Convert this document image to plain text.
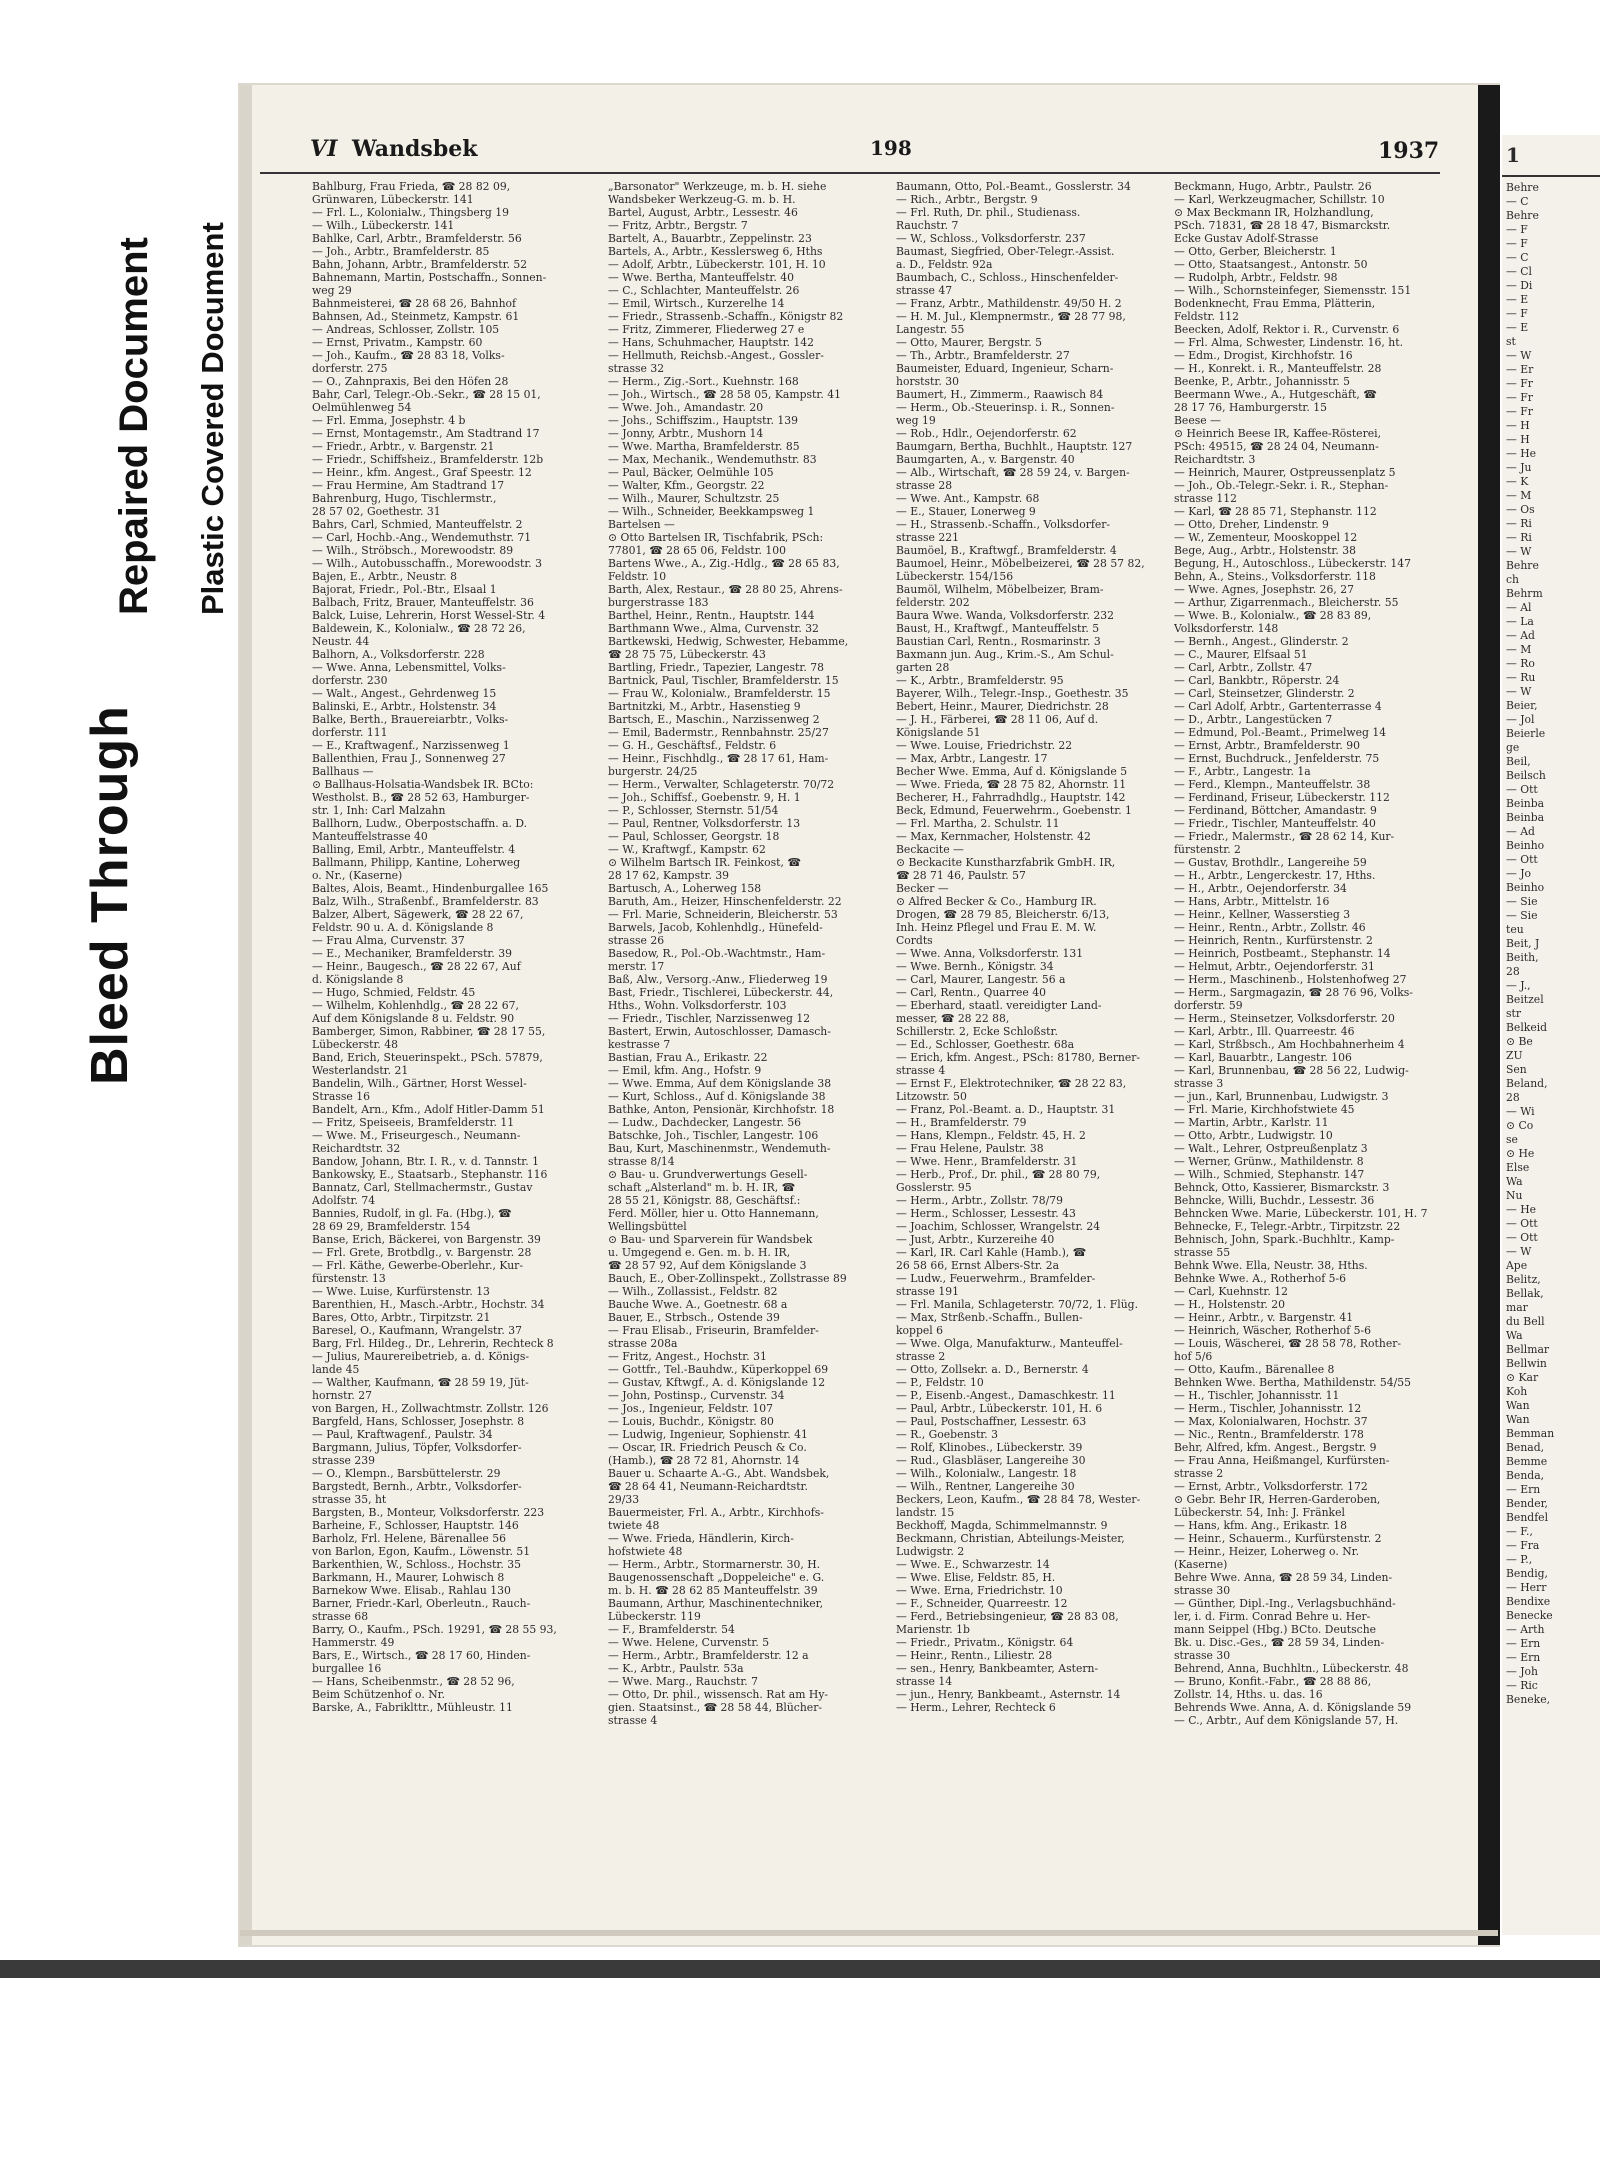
Bleed Through
Repaired Document Plastic Covered Document
VI Wandsbek	198	1937
Bahlburg, Frau Frieda, ☎ 28 82 09,
Grünwaren, Lübeckerstr. 141
— Frl. L., Kolonialw., Thingsberg 19
— Wilh., Lübeckerstr. 141
Bahlke, Carl, Arbtr., Bramfelderstr. 56
— Joh., Arbtr., Bramfelderstr. 85
Bahn, Johann, Arbtr., Bramfelderstr. 52
Bahnemann, Martin, Postschaffn., Sonnen-
weg 29
Bahnmeisterei, ☎ 28 68 26, Bahnhof
Bahnsen, Ad., Steinmetz, Kampstr. 61
— Andreas, Schlosser, Zollstr. 105
— Ernst, Privatm., Kampstr. 60
— Joh., Kaufm., ☎ 28 83 18, Volks-
dorferstr. 275
— O., Zahnpraxis, Bei den Höfen 28
Bahr, Carl, Telegr.-Ob.-Sekr., ☎ 28 15 01,
Oelmühlenweg 54
— Frl. Emma, Josephstr. 4 b
— Ernst, Montagemstr., Am Stadtrand 17
— Friedr., Arbtr., v. Bargenstr. 21
— Friedr., Schiffsheiz., Bramfelderstr. 12b
— Heinr., kfm. Angest., Graf Speestr. 12
— Frau Hermine, Am Stadtrand 17
Bahrenburg, Hugo, Tischlermstr.,
28 57 02, Goethestr. 31
Bahrs, Carl, Schmied, Manteuffelstr. 2
— Carl, Hochb.-Ang., Wendemuthstr. 71
— Wilh., Ströbsch., Morewoodstr. 89
— Wilh., Autobusschaffn., Morewoodstr. 3
Bajen, E., Arbtr., Neustr. 8
Bajorat, Friedr., Pol.-Btr., Elsaal 1
Balbach, Fritz, Brauer, Manteuffelstr. 36
Balck, Luise, Lehrerin, Horst Wessel-Str. 4
Baldewein, K., Kolonialw., ☎ 28 72 26,
Neustr. 44
Balhorn, A., Volksdorferstr. 228
— Wwe. Anna, Lebensmittel, Volks-
dorferstr. 230
— Walt., Angest., Gehrdenweg 15
Balinski, E., Arbtr., Holstenstr. 34
Balke, Berth., Brauereiarbtr., Volks-
dorferstr. 111
— E., Kraftwagenf., Narzissenweg 1
Ballenthien, Frau J., Sonnenweg 27
Ballhaus —
⊙ Ballhaus-Holsatia-Wandsbek IR. BCto:
Westholst. B., ☎ 28 52 63, Hamburger-
str. 1, Inh: Carl Malzahn
Ballhorn, Ludw., Oberpostschaffn. a. D.
Manteuffelstrasse 40
Balling, Emil, Arbtr., Manteuffelstr. 4
Ballmann, Philipp, Kantine, Loherweg
o. Nr., (Kaserne)
Baltes, Alois, Beamt., Hindenburgallee 165
Balz, Wilh., Straßenbf., Bramfelderstr. 83
Balzer, Albert, Sägewerk, ☎ 28 22 67,
Feldstr. 90 u. A. d. Königslande 8
— Frau Alma, Curvenstr. 37
— E., Mechaniker, Bramfelderstr. 39
— Heinr., Baugesch., ☎ 28 22 67, Auf
d. Königslande 8
— Hugo, Schmied, Feldstr. 45
— Wilhelm, Kohlenhdlg., ☎ 28 22 67,
Auf dem Königslande 8 u. Feldstr. 90
Bamberger, Simon, Rabbiner, ☎ 28 17 55,
Lübeckerstr. 48
Band, Erich, Steuerinspekt., PSch. 57879,
Westerlandstr. 21
Bandelin, Wilh., Gärtner, Horst Wessel-
Strasse 16
Bandelt, Arn., Kfm., Adolf Hitler-Damm 51
— Fritz, Speiseeis, Bramfelderstr. 11
— Wwe. M., Friseurgesch., Neumann-
Reichardtstr. 32
Bandow, Johann, Btr. I. R., v. d. Tannstr. 1
Bankowsky, E., Staatsarb., Stephanstr. 116
Bannatz, Carl, Stellmachermstr., Gustav
Adolfstr. 74
Bannies, Rudolf, in gl. Fa. (Hbg.), ☎
28 69 29, Bramfelderstr. 154
Banse, Erich, Bäckerei, von Bargenstr. 39
— Frl. Grete, Brotbdlg., v. Bargenstr. 28
— Frl. Käthe, Gewerbe-Oberlehr., Kur-
fürstenstr. 13
— Wwe. Luise, Kurfürstenstr. 13
Barenthien, H., Masch.-Arbtr., Hochstr. 34
Bares, Otto, Arbtr., Tirpitzstr. 21
Baresel, O., Kaufmann, Wrangelstr. 37
Barg, Frl. Hildeg., Dr., Lehrerin, Rechteck 8
— Julius, Maurereibetrieb, a. d. Königs-
lande 45
— Walther, Kaufmann, ☎ 28 59 19, Jüt-
hornstr. 27
von Bargen, H., Zollwachtmstr. Zollstr. 126
Bargfeld, Hans, Schlosser, Josephstr. 8
— Paul, Kraftwagenf., Paulstr. 34
Bargmann, Julius, Töpfer, Volksdorfer-
strasse 239
— O., Klempn., Barsbüttelerstr. 29
Bargstedt, Bernh., Arbtr., Volksdorfer-
strasse 35, ht
Bargsten, B., Monteur, Volksdorferstr. 223
Barheine, F., Schlosser, Hauptstr. 146
Barholz, Frl. Helene, Bärenallee 56
von Barlon, Egon, Kaufm., Löwenstr. 51
Barkenthien, W., Schloss., Hochstr. 35
Barkmann, H., Maurer, Lohwisch 8
Barnekow Wwe. Elisab., Rahlau 130
Barner, Friedr.-Karl, Oberleutn., Rauch-
strasse 68
Barry, O., Kaufm., PSch. 19291, ☎ 28 55 93,
Hammerstr. 49
Bars, E., Wirtsch., ☎ 28 17 60, Hinden-
burgallee 16
— Hans, Scheibenmstr., ☎ 28 52 96,
Beim Schützenhof o. Nr.
Barske, A., Fabriklttr., Mühleustr. 11
„Barsonator" Werkzeuge, m. b. H. siehe
Wandsbeker Werkzeug-G. m. b. H.
Bartel, August, Arbtr., Lessestr. 46
— Fritz, Arbtr., Bergstr. 7
Bartelt, A., Bauarbtr., Zeppelinstr. 23
Bartels, A., Arbtr., Kesslersweg 6, Hths
— Adolf, Arbtr., Lübeckerstr. 101, H. 10
— Wwe. Bertha, Manteuffelstr. 40
— C., Schlachter, Manteuffelstr. 26
— Emil, Wirtsch., Kurzerelhe 14
— Friedr., Strassenb.-Schaffn., Königstr 82
— Fritz, Zimmerer, Fliederweg 27 e
— Hans, Schuhmacher, Hauptstr. 142
— Hellmuth, Reichsb.-Angest., Gossler-
strasse 32
— Herm., Zig.-Sort., Kuehnstr. 168
— Joh., Wirtsch., ☎ 28 58 05, Kampstr. 41
— Wwe. Joh., Amandastr. 20
— Johs., Schiffszim., Hauptstr. 139
— Jonny, Arbtr., Mushorn 14
— Wwe. Martha, Bramfelderstr. 85
— Max, Mechanik., Wendemuthstr. 83
— Paul, Bäcker, Oelmühle 105
— Walter, Kfm., Georgstr. 22
— Wilh., Maurer, Schultzstr. 25
— Wilh., Schneider, Beekkampsweg 1
Bartelsen —
⊙ Otto Bartelsen IR, Tischfabrik, PSch:
77801, ☎ 28 65 06, Feldstr. 100
Bartens Wwe., A., Zig.-Hdlg., ☎ 28 65 83,
Feldstr. 10
Barth, Alex, Restaur., ☎ 28 80 25, Ahrens-
burgerstrasse 183
Barthel, Heinr., Rentn., Hauptstr. 144
Barthmann Wwe., Alma, Curvenstr. 32
Bartkewski, Hedwig, Schwester, Hebamme,
☎ 28 75 75, Lübeckerstr. 43
Bartling, Friedr., Tapezier, Langestr. 78
Bartnick, Paul, Tischler, Bramfelderstr. 15
— Frau W., Kolonialw., Bramfelderstr. 15
Bartnitzki, M., Arbtr., Hasenstieg 9
Bartsch, E., Maschin., Narzissenweg 2
— Emil, Badermstr., Rennbahnstr. 25/27
— G. H., Geschäftsf., Feldstr. 6
— Heinr., Fischhdlg., ☎ 28 17 61, Ham-
burgerstr. 24/25
— Herm., Verwalter, Schlageterstr. 70/72
— Joh., Schiffsf., Goebenstr. 9, H. 1
— P., Schlosser, Sternstr. 51/54
— Paul, Rentner, Volksdorferstr. 13
— Paul, Schlosser, Georgstr. 18
— W., Kraftwgf., Kampstr. 62
⊙ Wilhelm Bartsch IR. Feinkost, ☎
28 17 62, Kampstr. 39
Bartusch, A., Loherweg 158
Baruth, Am., Heizer, Hinschenfelderstr. 22
— Frl. Marie, Schneiderin, Bleicherstr. 53
Barwels, Jacob, Kohlenhdlg., Hünefeld-
strasse 26
Basedow, R., Pol.-Ob.-Wachtmstr., Ham-
merstr. 17
Baß, Alw., Versorg.-Anw., Fliederweg 19
Bast, Friedr., Tischlerei, Lübeckerstr. 44,
Hths., Wohn. Volksdorferstr. 103
— Friedr., Tischler, Narzissenweg 12
Bastert, Erwin, Autoschlosser, Damasch-
kestrasse 7
Bastian, Frau A., Erikastr. 22
— Emil, kfm. Ang., Hofstr. 9
— Wwe. Emma, Auf dem Königslande 38
— Kurt, Schloss., Auf d. Königslande 38
Bathke, Anton, Pensionär, Kirchhofstr. 18
— Ludw., Dachdecker, Langestr. 56
Batschke, Joh., Tischler, Langestr. 106
Bau, Kurt, Maschinenmstr., Wendemuth-
strasse 8/14
⊙ Bau- u. Grundverwertungs Gesell-
schaft „Alsterland" m. b. H. IR, ☎
28 55 21, Königstr. 88, Geschäftsf.:
Ferd. Möller, hier u. Otto Hannemann,
Wellingsbüttel
⊙ Bau- und Sparverein für Wandsbek
u. Umgegend e. Gen. m. b. H. IR,
☎ 28 57 92, Auf dem Königslande 3
Bauch, E., Ober-Zollinspekt., Zollstrasse 89
— Wilh., Zollassist., Feldstr. 82
Bauche Wwe. A., Goetnestr. 68 a
Bauer, E., Strbsch., Ostende 39
— Frau Elisab., Friseurin, Bramfelder-
strasse 208a
— Fritz, Angest., Hochstr. 31
— Gottfr., Tel.-Bauhdw., Küperkoppel 69
— Gustav, Kftwgf., A. d. Königslande 12
— John, Postinsp., Curvenstr. 34
— Jos., Ingenieur, Feldstr. 107
— Louis, Buchdr., Königstr. 80
— Ludwig, Ingenieur, Sophienstr. 41
— Oscar, IR. Friedrich Peusch & Co.
(Hamb.), ☎ 28 72 81, Ahornstr. 14
Bauer u. Schaarte A.-G., Abt. Wandsbek,
☎ 28 64 41, Neumann-Reichardtstr.
29/33
Bauermeister, Frl. A., Arbtr., Kirchhofs-
twiete 48
— Wwe. Frieda, Händlerin, Kirch-
hofstwiete 48
— Herm., Arbtr., Stormarnerstr. 30, H.
Baugenossenschaft „Doppeleiche" e. G.
m. b. H. ☎ 28 62 85 Manteuffelstr. 39
Baumann, Arthur, Maschinentechniker,
Lübeckerstr. 119
— F., Bramfelderstr. 54
— Wwe. Helene, Curvenstr. 5
— Herm., Arbtr., Bramfelderstr. 12 a
— K., Arbtr., Paulstr. 53a
— Wwe. Marg., Rauchstr. 7
— Otto, Dr. phil., wissensch. Rat am Hy-
gien. Staatsinst., ☎ 28 58 44, Blücher-
strasse 4
Baumann, Otto, Pol.-Beamt., Gosslerstr. 34
— Rich., Arbtr., Bergstr. 9
— Frl. Ruth, Dr. phil., Studienass.
Rauchstr. 7
— W., Schloss., Volksdorferstr. 237
Baumast, Siegfried, Ober-Telegr.-Assist.
a. D., Feldstr. 92a
Baumbach, C., Schloss., Hinschenfelder-
strasse 47
— Franz, Arbtr., Mathildenstr. 49/50 H. 2
— H. M. Jul., Klempnermstr., ☎ 28 77 98,
Langestr. 55
— Otto, Maurer, Bergstr. 5
— Th., Arbtr., Bramfelderstr. 27
Baumeister, Eduard, Ingenieur, Scharn-
horststr. 30
Baumert, H., Zimmerm., Raawisch 84
— Herm., Ob.-Steuerinsp. i. R., Sonnen-
weg 19
— Rob., Hdlr., Oejendorferstr. 62
Baumgarn, Bertha, Buchhlt., Hauptstr. 127
Baumgarten, A., v. Bargenstr. 40
— Alb., Wirtschaft, ☎ 28 59 24, v. Bargen-
strasse 28
— Wwe. Ant., Kampstr. 68
— E., Stauer, Lonerweg 9
— H., Strassenb.-Schaffn., Volksdorfer-
strasse 221
Baumöel, B., Kraftwgf., Bramfelderstr. 4
Baumoel, Heinr., Möbelbeizerei, ☎ 28 57 82,
Lübeckerstr. 154/156
Baumöl, Wilhelm, Möbelbeizer, Bram-
felderstr. 202
Baura Wwe. Wanda, Volksdorferstr. 232
Baust, H., Kraftwgf., Manteuffelstr. 5
Baustian Carl, Rentn., Rosmarinstr. 3
Baxmann jun. Aug., Krim.-S., Am Schul-
garten 28
— K., Arbtr., Bramfelderstr. 95
Bayerer, Wilh., Telegr.-Insp., Goethestr. 35
Bebert, Heinr., Maurer, Diedrichstr. 28
— J. H., Färberei, ☎ 28 11 06, Auf d.
Königslande 51
— Wwe. Louise, Friedrichstr. 22
— Max, Arbtr., Langestr. 17
Becher Wwe. Emma, Auf d. Königslande 5
— Wwe. Frieda, ☎ 28 75 82, Ahornstr. 11
Becherer, H., Fahrradhdlg., Hauptstr. 142
Beck, Edmund, Feuerwehrm., Goebenstr. 1
— Frl. Martha, 2. Schulstr. 11
— Max, Kernmacher, Holstenstr. 42
Beckacite —
⊙ Beckacite Kunstharzfabrik GmbH. IR,
☎ 28 71 46, Paulstr. 57
Becker —
⊙ Alfred Becker & Co., Hamburg IR.
Drogen, ☎ 28 79 85, Bleicherstr. 6/13,
Inh. Heinz Pflegel und Frau E. M. W.
Cordts
— Wwe. Anna, Volksdorferstr. 131
— Wwe. Bernh., Königstr. 34
— Carl, Maurer, Langestr. 56 a
— Carl, Rentn., Quarree 40
— Eberhard, staatl. vereidigter Land-
messer, ☎ 28 22 88,
Schillerstr. 2, Ecke Schloßstr.
— Ed., Schlosser, Goethestr. 68a
— Erich, kfm. Angest., PSch: 81780, Berner-
strasse 4
— Ernst F., Elektrotechniker, ☎ 28 22 83,
Litzowstr. 50
— Franz, Pol.-Beamt. a. D., Hauptstr. 31
— H., Bramfelderstr. 79
— Hans, Klempn., Feldstr. 45, H. 2
— Frau Helene, Paulstr. 38
— Wwe. Henr., Bramfelderstr. 31
— Herb., Prof., Dr. phil., ☎ 28 80 79,
Gosslerstr. 95
— Herm., Arbtr., Zollstr. 78/79
— Herm., Schlosser, Lessestr. 43
— Joachim, Schlosser, Wrangelstr. 24
— Just, Arbtr., Kurzereihe 40
— Karl, IR. Carl Kahle (Hamb.), ☎
26 58 66, Ernst Albers-Str. 2a
— Ludw., Feuerwehrm., Bramfelder-
strasse 191
— Frl. Manila, Schlageterstr. 70/72, 1. Flüg.
— Max, Strßenb.-Schaffn., Bullen-
koppel 6
— Wwe. Olga, Manufakturw., Manteuffel-
strasse 2
— Otto, Zollsekr. a. D., Bernerstr. 4
— P., Feldstr. 10
— P., Eisenb.-Angest., Damaschkestr. 11
— Paul, Arbtr., Lübeckerstr. 101, H. 6
— Paul, Postschaffner, Lessestr. 63
— R., Goebenstr. 3
— Rolf, Klinobes., Lübeckerstr. 39
— Rud., Glasbläser, Langereihe 30
— Wilh., Kolonialw., Langestr. 18
— Wilh., Rentner, Langereihe 30
Beckers, Leon, Kaufm., ☎ 28 84 78, Wester-
landstr. 15
Beckhoff, Magda, Schimmelmannstr. 9
Beckmann, Christian, Abteilungs-Meister,
Ludwigstr. 2
— Wwe. E., Schwarzestr. 14
— Wwe. Elise, Feldstr. 85, H.
— Wwe. Erna, Friedrichstr. 10
— F., Schneider, Quarreestr. 12
— Ferd., Betriebsingenieur, ☎ 28 83 08,
Marienstr. 1b
— Friedr., Privatm., Königstr. 64
— Heinr., Rentn., Liliestr. 28
— sen., Henry, Bankbeamter, Astern-
strasse 14
— jun., Henry, Bankbeamt., Asternstr. 14
— Herm., Lehrer, Rechteck 6
Beckmann, Hugo, Arbtr., Paulstr. 26
— Karl, Werkzeugmacher, Schillstr. 10
⊙ Max Beckmann IR, Holzhandlung,
PSch. 71831, ☎ 28 18 47, Bismarckstr.
Ecke Gustav Adolf-Strasse
— Otto, Gerber, Bleicherstr. 1
— Otto, Staatsangest., Antonstr. 50
— Rudolph, Arbtr., Feldstr. 98
— Wilh., Schornsteinfeger, Siemensstr. 151
Bodenknecht, Frau Emma, Plätterin,
Feldstr. 112
Beecken, Adolf, Rektor i. R., Curvenstr. 6
— Frl. Alma, Schwester, Lindenstr. 16, ht.
— Edm., Drogist, Kirchhofstr. 16
— H., Konrekt. i. R., Manteuffelstr. 28
Beenke, P., Arbtr., Johannisstr. 5
Beermann Wwe., A., Hutgeschäft, ☎
28 17 76, Hamburgerstr. 15
Beese —
⊙ Heinrich Beese IR, Kaffee-Rösterei,
PSch: 49515, ☎ 28 24 04, Neumann-
Reichardtstr. 3
— Heinrich, Maurer, Ostpreussenplatz 5
— Joh., Ob.-Telegr.-Sekr. i. R., Stephan-
strasse 112
— Karl, ☎ 28 85 71, Stephanstr. 112
— Otto, Dreher, Lindenstr. 9
— W., Zementeur, Mooskoppel 12
Bege, Aug., Arbtr., Holstenstr. 38
Begung, H., Autoschloss., Lübeckerstr. 147
Behn, A., Steins., Volksdorferstr. 118
— Wwe. Agnes, Josephstr. 26, 27
— Arthur, Zigarrenmach., Bleicherstr. 55
— Wwe. B., Kolonialw., ☎ 28 83 89,
Volksdorferstr. 148
— Bernh., Angest., Glinderstr. 2
— C., Maurer, Elfsaal 51
— Carl, Arbtr., Zollstr. 47
— Carl, Bankbtr., Röperstr. 24
— Carl, Steinsetzer, Glinderstr. 2
— Carl Adolf, Arbtr., Gartenterrasse 4
— D., Arbtr., Langestücken 7
— Edmund, Pol.-Beamt., Primelweg 14
— Ernst, Arbtr., Bramfelderstr. 90
— Ernst, Buchdruck., Jenfelderstr. 75
— F., Arbtr., Langestr. 1a
— Ferd., Klempn., Manteuffelstr. 38
— Ferdinand, Friseur, Lübeckerstr. 112
— Ferdinand, Böttcher, Amandastr. 9
— Friedr., Tischler, Manteuffelstr. 40
— Friedr., Malermstr., ☎ 28 62 14, Kur-
fürstenstr. 2
— Gustav, Brothdlr., Langereihe 59
— H., Arbtr., Lengerckestr. 17, Hths.
— H., Arbtr., Oejendorferstr. 34
— Hans, Arbtr., Mittelstr. 16
— Heinr., Kellner, Wasserstieg 3
— Heinr., Rentn., Arbtr., Zollstr. 46
— Heinrich, Rentn., Kurfürstenstr. 2
— Heinrich, Postbeamt., Stephanstr. 14
— Helmut, Arbtr., Oejendorferstr. 31
— Herm., Maschinenb., Holstenhofweg 27
— Herm., Sargmagazin, ☎ 28 76 96, Volks-
dorferstr. 59
— Herm., Steinsetzer, Volksdorferstr. 20
— Karl, Arbtr., Ill. Quarreestr. 46
— Karl, Strßbsch., Am Hochbahnerheim 4
— Karl, Bauarbtr., Langestr. 106
— Karl, Brunnenbau, ☎ 28 56 22, Ludwig-
strasse 3
— jun., Karl, Brunnenbau, Ludwigstr. 3
— Frl. Marie, Kirchhofstwiete 45
— Martin, Arbtr., Karlstr. 11
— Otto, Arbtr., Ludwigstr. 10
— Walt., Lehrer, Ostpreußenplatz 3
— Werner, Grünw., Mathildenstr. 8
— Wilh., Schmied, Stephanstr. 147
Behnck, Otto, Kassierer, Bismarckstr. 3
Behncke, Willi, Buchdr., Lessestr. 36
Behncken Wwe. Marie, Lübeckerstr. 101, H. 7
Behnecke, F., Telegr.-Arbtr., Tirpitzstr. 22
Behnisch, John, Spark.-Buchhltr., Kamp-
strasse 55
Behnk Wwe. Ella, Neustr. 38, Hths.
Behnke Wwe. A., Rotherhof 5-6
— Carl, Kuehnstr. 12
— H., Holstenstr. 20
— Heinr., Arbtr., v. Bargenstr. 41
— Heinrich, Wäscher, Rotherhof 5-6
— Louis, Wäscherei, ☎ 28 58 78, Rother-
hof 5/6
— Otto, Kaufm., Bärenallee 8
Behnken Wwe. Bertha, Mathildenstr. 54/55
— H., Tischler, Johannisstr. 11
— Herm., Tischler, Johannisstr. 12
— Max, Kolonialwaren, Hochstr. 37
— Nic., Rentn., Bramfelderstr. 178
Behr, Alfred, kfm. Angest., Bergstr. 9
— Frau Anna, Heißmangel, Kurfürsten-
strasse 2
— Ernst, Arbtr., Volksdorferstr. 172
⊙ Gebr. Behr IR, Herren-Garderoben,
Lübeckerstr. 54, Inh: J. Fränkel
— Hans, kfm. Ang., Erikastr. 18
— Heinr., Schauerm., Kurfürstenstr. 2
— Heinr., Heizer, Loherweg o. Nr.
(Kaserne)
Behre Wwe. Anna, ☎ 28 59 34, Linden-
strasse 30
— Günther, Dipl.-Ing., Verlagsbuchhänd-
ler, i. d. Firm. Conrad Behre u. Her-
mann Seippel (Hbg.) BCto. Deutsche
Bk. u. Disc.-Ges., ☎ 28 59 34, Linden-
strasse 30
Behrend, Anna, Buchhltn., Lübeckerstr. 48
— Bruno, Konfit.-Fabr., ☎ 28 88 86,
Zollstr. 14, Hths. u. das. 16
Behrends Wwe. Anna, A. d. Königslande 59
— C., Arbtr., Auf dem Königslande 57, H.
1
Behre
— C
Behre
— F
— F
— C
— Cl
— Di
— E
— F
— E
st
— W
— Er
— Fr
— Fr
— Fr
— H
— H
— He
— Ju
— K
— M
— Os
— Ri
— Ri
— W
Behre
ch
Behrm
— Al
— La
— Ad
— M
— Ro
— Ru
— W
Beier,
— Jol
Beierle
ge
Beil,
Beilsch
— Ott
Beinba
Beinba
— Ad
Beinho
— Ott
— Jo
Beinho
— Sie
— Sie
teu
Beit, J
Beith,
28
— J.,
Beitzel
str
Belkeid
⊙ Be
ZU
Sen
Beland,
28
— Wi
⊙ Co
se
⊙ He
Else
Wa
Nu
— He
— Ott
— Ott
— W
Ape
Belitz,
Bellak,
mar
du Bell
Wa
Bellmar
Bellwin
⊙ Kar
Koh
Wan
Wan
Bemman
Benad,
Bemme
Benda,
— Ern
Bender,
Bendfel
— F.,
— Fra
— P.,
Bendig,
— Herr
Bendixe
Benecke
— Arth
— Ern
— Ern
— Joh
— Ric
Beneke,
